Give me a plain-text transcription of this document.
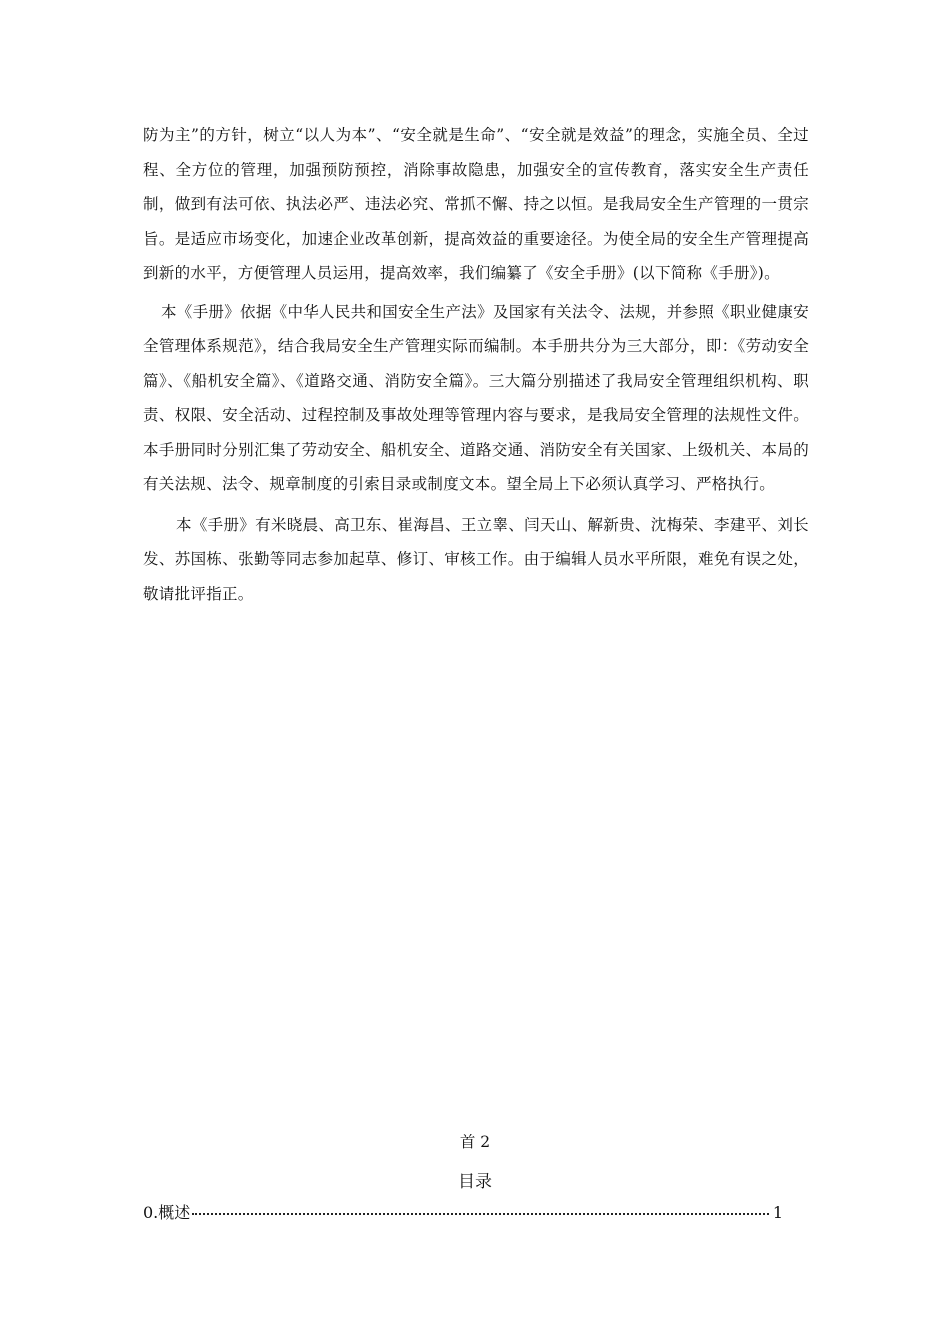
防为主”的方针，树立“以人为本”、“安全就是生命”、“安全就是效益”的理念，实施全员、全过程、全方位的管理，加强预防预控，消除事故隐患，加强安全的宣传教育，落实安全生产责任制，做到有法可依、执法必严、违法必究、常抓不懈、持之以恒。是我局安全生产管理的一贯宗旨。是适应市场变化，加速企业改革创新，提高效益的重要途径。为使全局的安全生产管理提高到新的水平，方便管理人员运用，提高效率，我们编纂了《安全手册》(以下简称《手册》)。

本《手册》依据《中华人民共和国安全生产法》及国家有关法令、法规，并参照《职业健康安全管理体系规范》，结合我局安全生产管理实际而编制。本手册共分为三大部分，即：《劳动安全篇》、《船机安全篇》、《道路交通、消防安全篇》。三大篇分别描述了我局安全管理组织机构、职责、权限、安全活动、过程控制及事故处理等管理内容与要求，是我局安全管理的法规性文件。本手册同时分别汇集了劳动安全、船机安全、道路交通、消防安全有关国家、上级机关、本局的有关法规、法令、规章制度的引索目录或制度文本。望全局上下必须认真学习、严格执行。

本《手册》有米晓晨、高卫东、崔海昌、王立睾、闫天山、解新贵、沈梅荣、李建平、刘长发、苏国栋、张勤等同志参加起草、修订、审核工作。由于编辑人员水平所限，难免有误之处，敬请批评指正。

首 2
目录
0.概述	1
